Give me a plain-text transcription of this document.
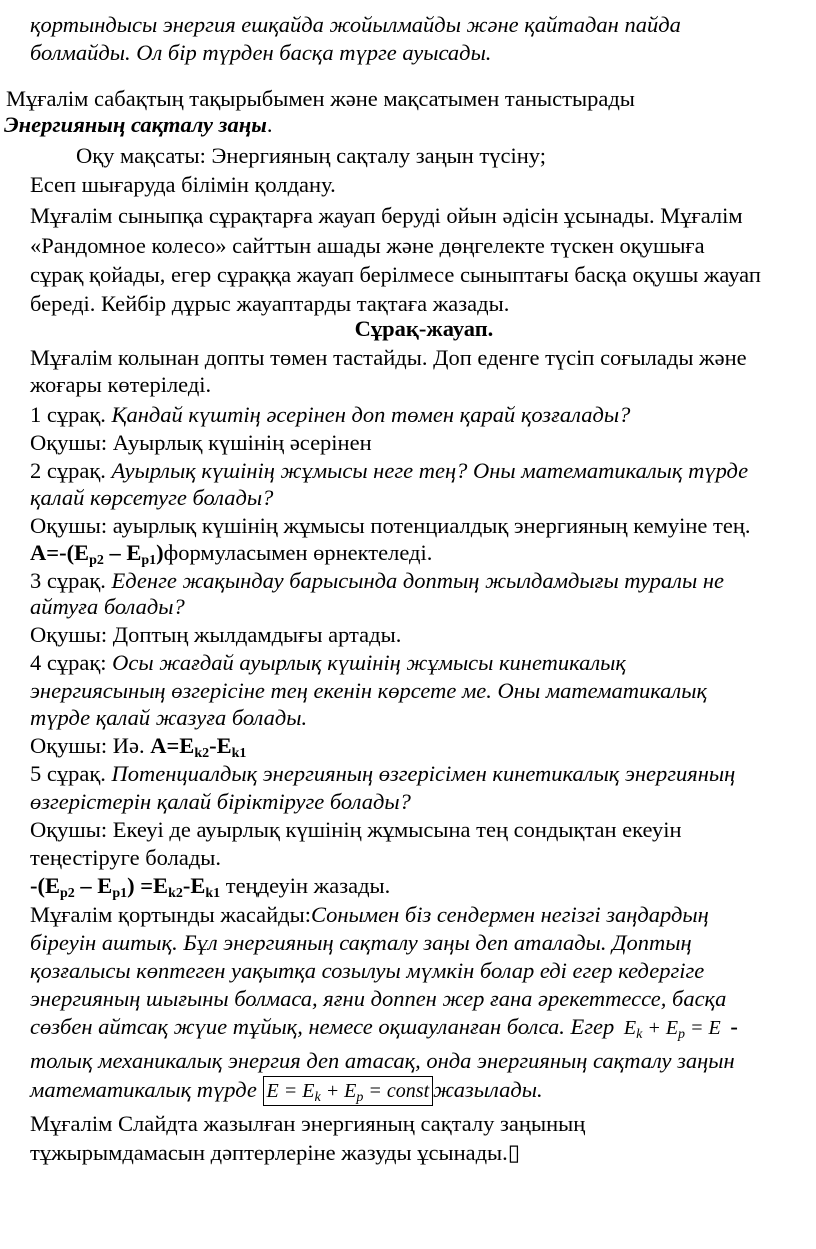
қортындысы энергия ешқайда жойылмайды және қайтадан пайда
болмайды. Ол бір түрден басқа түрге ауысады.
Мұғалім сабақтың тақырыбымен және мақсатымен таныстырады
Энергияның сақталу заңы.
Оқу мақсаты: Энергияның сақталу заңын түсіну;
Есеп шығаруда білімін қолдану.
Мұғалім сыныпқа сұрақтарға жауап беруді ойын әдісін ұсынады. Мұғалім
«Рандомное колесо» сайттын ашады және дөңгелекте түскен оқушыға
сұрақ қойады, егер сұраққа жауап берілмесе сыныптағы басқа оқушы жауап
береді. Кейбір дұрыс жауаптарды тақтаға жазады.
Сұрақ-жауап.
Мұғалім колынан допты төмен тастайды. Доп еденге түсіп соғылады және
жоғары көтеріледі.
1 сұрақ. Қандай күштің әсерінен доп төмен қарай қозғалады?
Оқушы: Ауырлық күшінің әсерінен
2 сұрақ. Ауырлық күшінің жұмысы неге тең? Оны математикалық түрде
қалай көрсетуге болады?
Оқушы: ауырлық күшінің жұмысы потенциалдық энергияның кемуіне тең.
$A=-(E_{p2}$ – $E_{p1})формуласымен$ өрнектеледі.
3 сұрақ. Еденге жақындау барысында доптың жылдамдығы туралы не
айтуға болады?
Оқушы: Доптың жылдамдығы артады.
4 сұрақ: Осы жағдай ауырлық күшінің жұмысы кинетикалық
энергиясының өзгерісіне тең екенін көрсете ме. Оны математикалық
түрде қалай жазуға болады.
Оқушы: Иә. $A=E_{k2}-E_{k1}$
5 сұрақ. Потенциалдық энергияның өзгерісімен кинетикалық энергияның
өзгерістерін қалай біріктіруге болады?
Оқушы: Екеуі де ауырлық күшінің жұмысына тең сондықтан екеуін
теңестіруге болады.
$-(E_{p2} - E_{p1}) =E_{k2}-E_{k1}$ теңдеуін жазады.
Мұғалім қортынды жасайды:Сонымен біз сендермен негізгі заңдардың
біреуін аштық. Бұл энергияның сақталу заңы деп аталады. Доптың
қозғалысы көптеген уақытқа созылуы мүмкін болар еді егер кедергіге
энергияның шығыны болмаса, яғни доппен жер ғана әрекеттессе, басқа
сөзбен айтсақ жүие тұйық, немесе оқшауланған болса. Егер $E_k + E_p = E$ -
толық механикалық энергия деп атасақ, онда энергияның сақталу заңын
математикалық түрде $E = E_k + E_p$ = const жазылады.
Мұғалім Слайдта жазылған энергияның сақталу заңының
тұжырымдамасын дәптерлеріне жазуды ұсынады.▯
